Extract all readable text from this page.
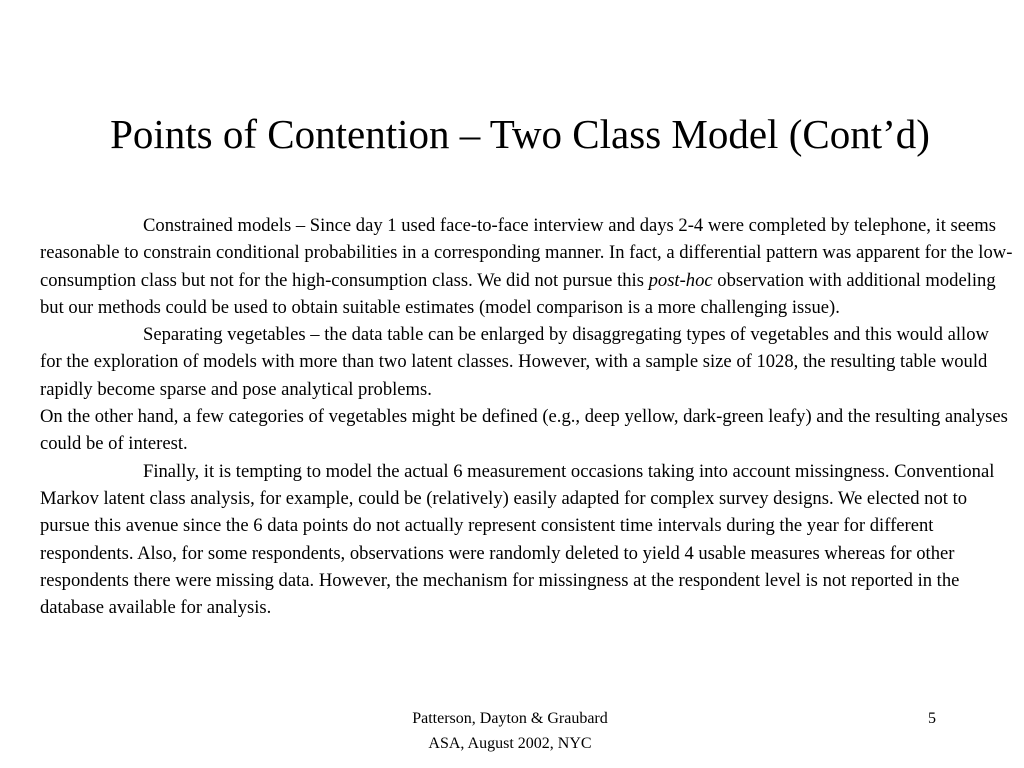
Points of Contention – Two Class Model (Cont’d)

Constrained models – Since day 1 used face-to-face interview and days 2-4 were completed by telephone, it seems reasonable to constrain conditional probabilities in a corresponding manner. In fact, a differential pattern was apparent for the low-consumption class but not for the high-consumption class. We did not pursue this post-hoc observation with additional modeling but our methods could be used to obtain suitable estimates (model comparison is a more challenging issue).

Separating vegetables – the data table can be enlarged by disaggregating types of vegetables and this would allow for the exploration of models with more than two latent classes. However, with a sample size of 1028, the resulting table would rapidly become sparse and pose analytical problems.

On the other hand, a few categories of vegetables might be defined (e.g., deep yellow, dark-green leafy) and the resulting analyses could be of interest.

Finally, it is tempting to model the actual 6 measurement occasions taking into account missingness. Conventional Markov latent class analysis, for example, could be (relatively) easily adapted for complex survey designs. We elected not to pursue this avenue since the 6 data points do not actually represent consistent time intervals during the year for different respondents. Also, for some respondents, observations were randomly deleted to yield 4 usable measures whereas for other respondents there were missing data. However, the mechanism for missingness at the respondent level is not reported in the database available for analysis.

Patterson, Dayton & Graubard
ASA, August 2002, NYC
5
